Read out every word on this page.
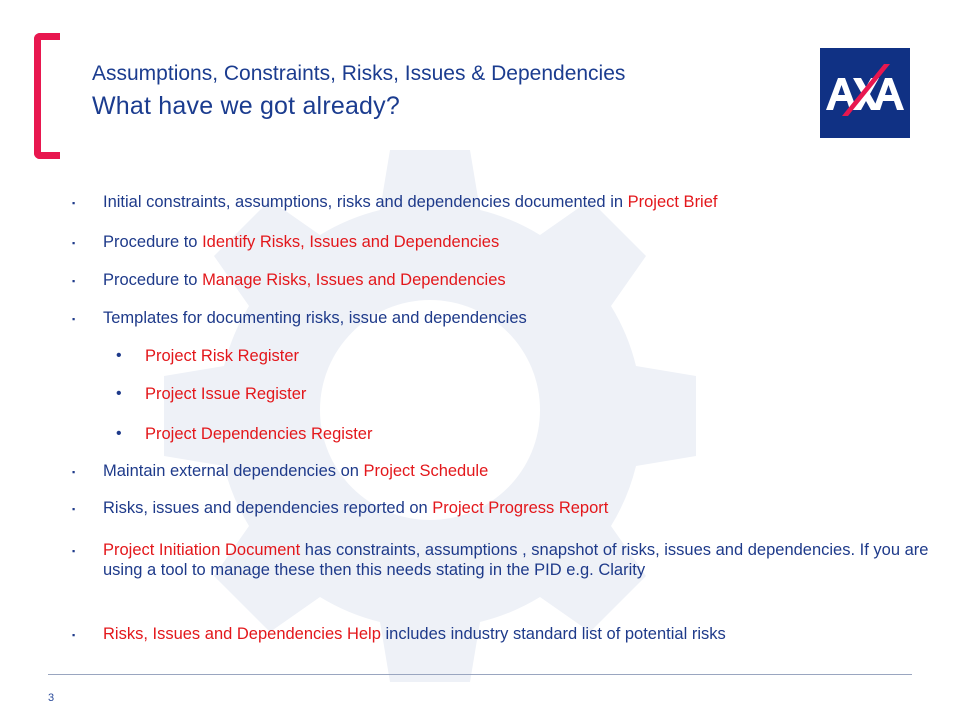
Assumptions, Constraints, Risks, Issues & Dependencies
What have we got already?
▪ Initial constraints, assumptions, risks and dependencies documented in Project Brief
▪ Procedure to Identify Risks, Issues and Dependencies
▪ Procedure to Manage Risks, Issues and Dependencies
▪ Templates for documenting risks, issue and dependencies
• Project Risk Register
• Project Issue Register
• Project Dependencies Register
▪ Maintain external dependencies on Project Schedule
▪ Risks, issues and dependencies reported on Project Progress Report
▪ Project Initiation Document has constraints, assumptions , snapshot of risks, issues and dependencies. If you are using a tool to manage these then this needs stating in the PID e.g. Clarity
▪ Risks, Issues and Dependencies Help includes industry standard list of potential risks
3
